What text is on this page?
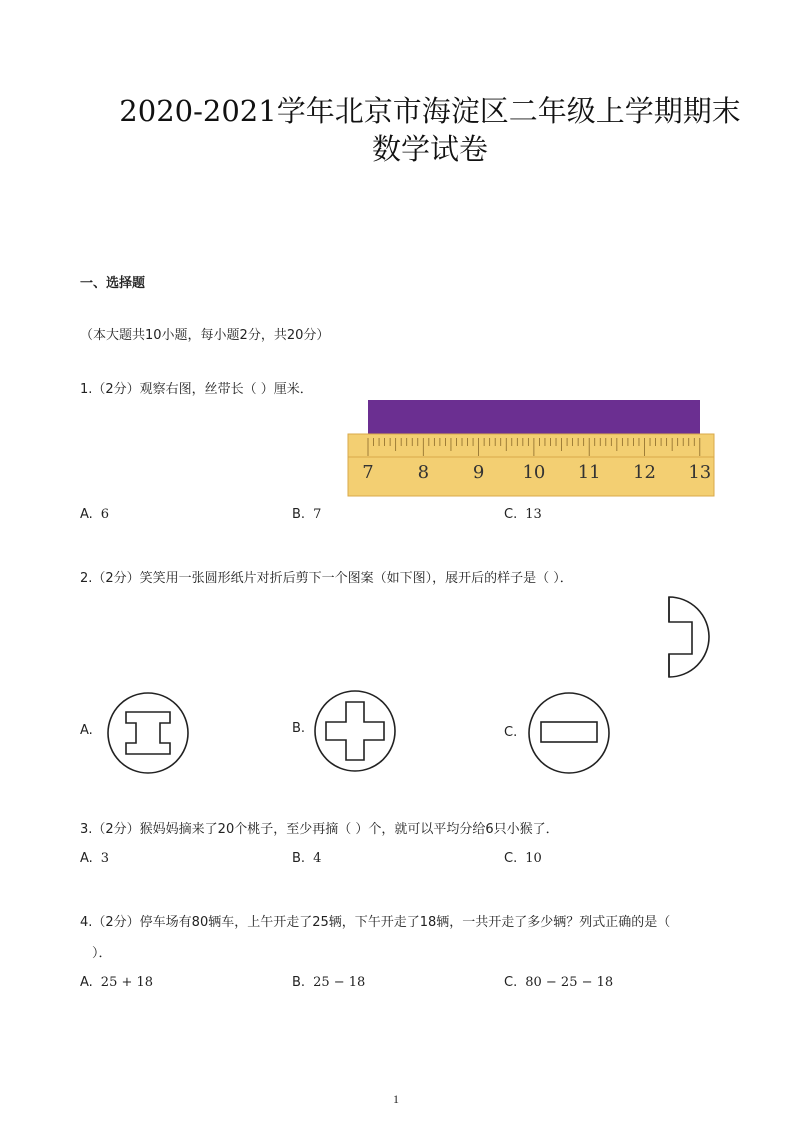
2020-2021学年北京市海淀区二年级上学期期末
数学试卷
一、选择题
（本大题共10小题，每小题2分，共20分）
1.（2分）观察右图，丝带长（ ）厘米．
7 8 9 10 11 12 13
A. 6	B. 7	C. 13
2.（2分）笑笑用一张圆形纸片对折后剪下一个图案（如下图），展开后的样子是（ ）．
A.	B.	C.
3.（2分）猴妈妈摘来了20个桃子，至少再摘（ ）个，就可以平均分给6只小猴了．
A. 3	B. 4	C. 10
4.（2分）停车场有80辆车，上午开走了25辆，下午开走了18辆，一共开走了多少辆？列式正确的是（
）．
A. 25 + 18	B. 25 − 18	C. 80 − 25 − 18
1
